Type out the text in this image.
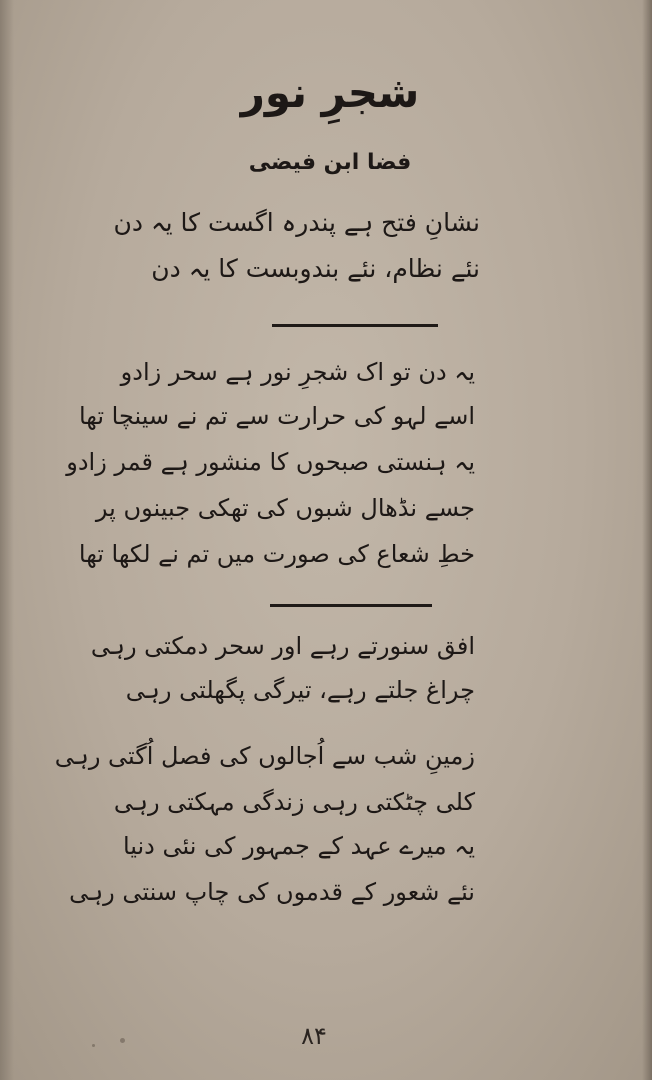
شجرِ نور
فضا ابن فیضی
نشانِ فتح ہے پندرہ اگست کا یہ دن
نئے نظام، نئے بندوبست کا یہ دن
یہ دن تو اک شجرِ نور ہے سحر زادو
اسے لہو کی حرارت سے تم نے سینچا تھا
یہ ہنستی صبحوں کا منشور ہے قمر زادو
جسے نڈھال شبوں کی تھکی جبینوں پر
خطِ شعاع کی صورت میں تم نے لکھا تھا
افق سنورتے رہے اور سحر دمکتی رہی
چراغ جلتے رہے، تیرگی پگھلتی رہی
زمینِ شب سے اُجالوں کی فصل اُگتی رہی
کلی چٹکتی رہی زندگی مہکتی رہی
یہ میرے عہد کے جمہور کی نئی دنیا
نئے شعور کے قدموں کی چاپ سنتی رہی
۸۴
